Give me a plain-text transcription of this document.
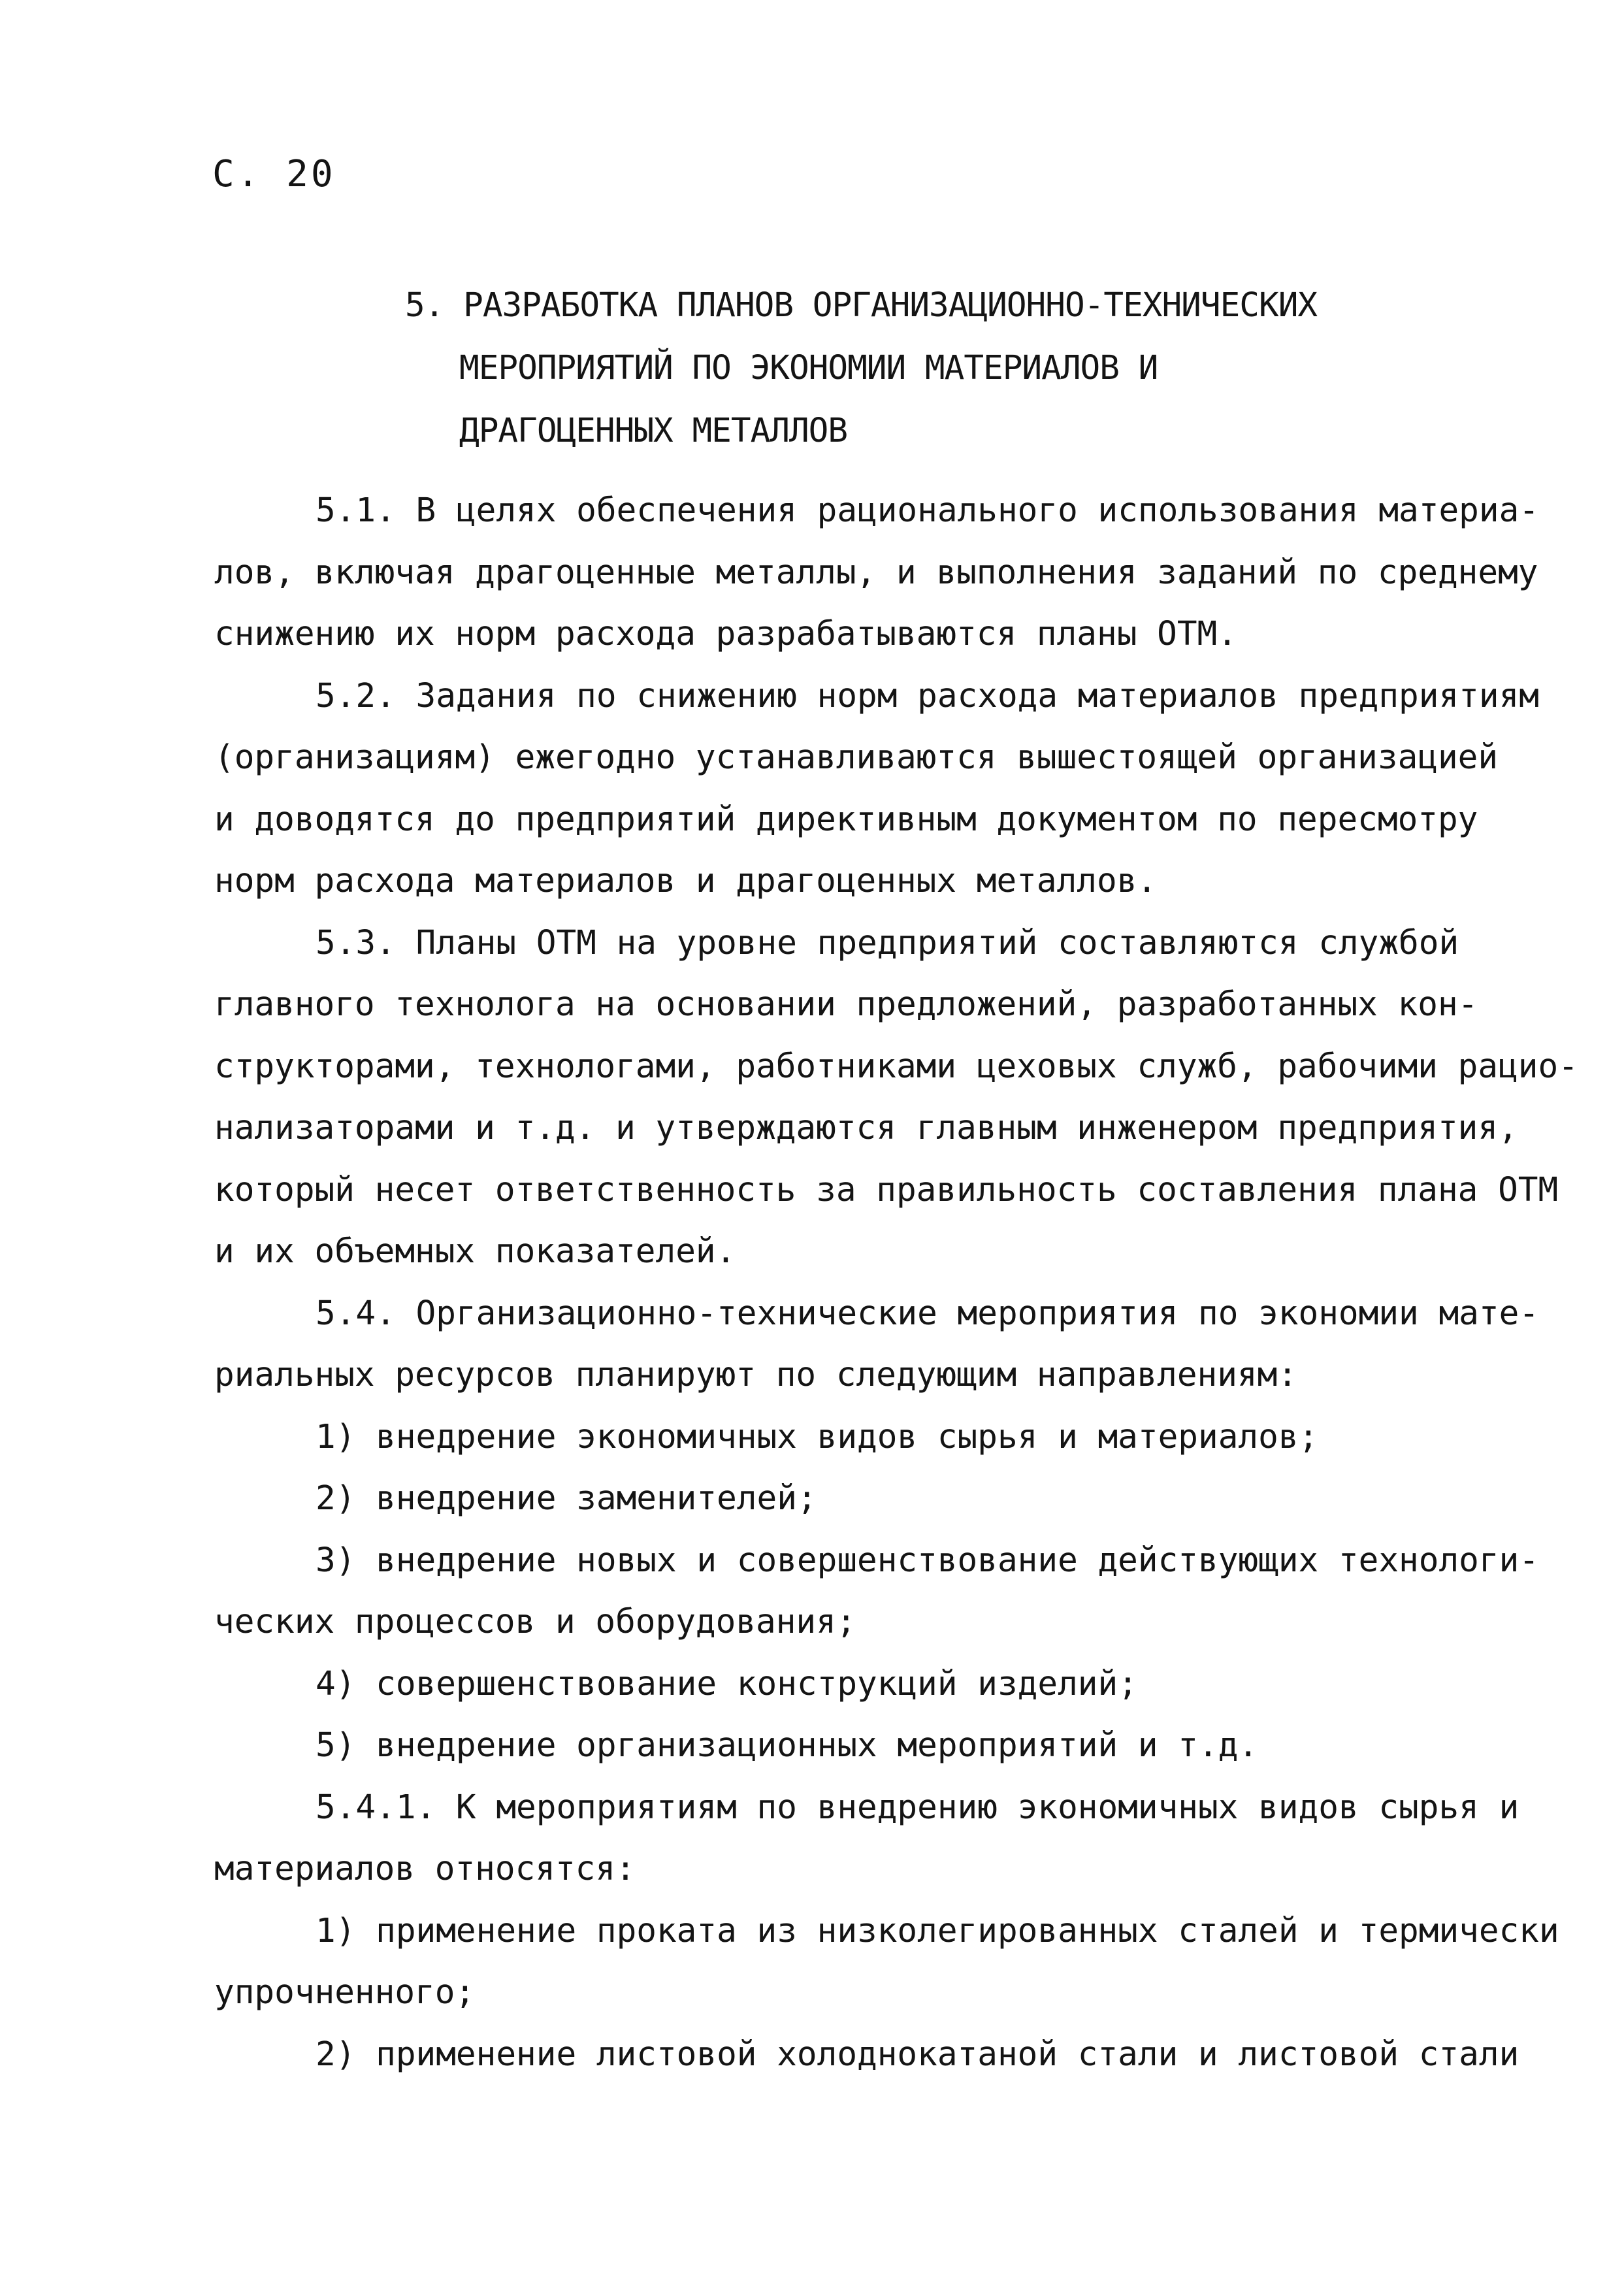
С. 20
5. РАЗРАБОТКА ПЛАНОВ ОРГАНИЗАЦИОННО-ТЕХНИЧЕСКИХ
МЕРОПРИЯТИЙ ПО ЭКОНОМИИ МАТЕРИАЛОВ И
ДРАГОЦЕННЫХ МЕТАЛЛОВ
5.1. В целях обеспечения рационального использования материа-
лов, включая драгоценные металлы, и выполнения заданий по среднему
снижению их норм расхода разрабатываются планы ОТМ.
5.2. Задания по снижению норм расхода материалов предприятиям
(организациям) ежегодно устанавливаются вышестоящей организацией
и доводятся до предприятий директивным документом по пересмотру
норм расхода материалов и драгоценных металлов.
5.3. Планы ОТМ на уровне предприятий составляются службой
главного технолога на основании предложений, разработанных кон-
структорами, технологами, работниками цеховых служб, рабочими рацио-
нализаторами и т.д. и утверждаются главным инженером предприятия,
который несет ответственность за правильность составления плана ОТМ
и их объемных показателей.
5.4. Организационно-технические мероприятия по экономии мате-
риальных ресурсов планируют по следующим направлениям:
1) внедрение экономичных видов сырья и материалов;
2) внедрение заменителей;
3) внедрение новых и совершенствование действующих технологи-
ческих процессов и оборудования;
4) совершенствование конструкций изделий;
5) внедрение организационных мероприятий и т.д.
5.4.1. К мероприятиям по внедрению экономичных видов сырья и
материалов относятся:
1) применение проката из низколегированных сталей и термически
упрочненного;
2) применение листовой холоднокатаной стали и листовой стали
